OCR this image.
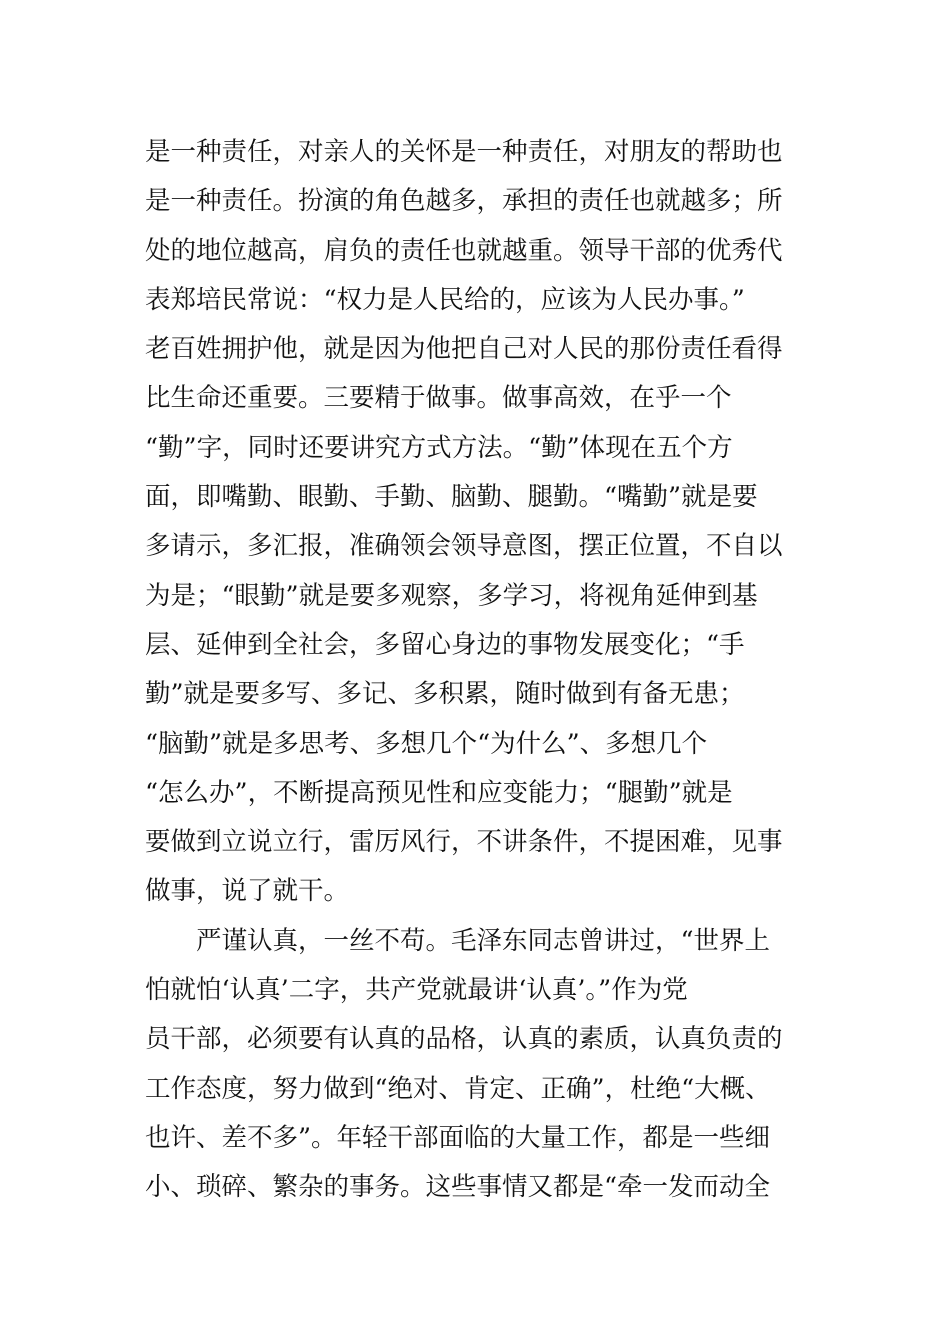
是一种责任，对亲人的关怀是一种责任，对朋友的帮助也
是一种责任。扮演的角色越多，承担的责任也就越多；所
处的地位越高，肩负的责任也就越重。领导干部的优秀代
表郑培民常说：“权力是人民给的，应该为人民办事。”
老百姓拥护他，就是因为他把自己对人民的那份责任看得
比生命还重要。三要精于做事。做事高效，在乎一个
“勤”字，同时还要讲究方式方法。“勤”体现在五个方
面，即嘴勤、眼勤、手勤、脑勤、腿勤。“嘴勤”就是要
多请示，多汇报，准确领会领导意图，摆正位置，不自以
为是；“眼勤”就是要多观察，多学习，将视角延伸到基
层、延伸到全社会，多留心身边的事物发展变化；“手
勤”就是要多写、多记、多积累，随时做到有备无患；
“脑勤”就是多思考、多想几个“为什么”、多想几个
“怎么办”，不断提高预见性和应变能力；“腿勤”就是
要做到立说立行，雷厉风行，不讲条件，不提困难，见事
做事，说了就干。
严谨认真，一丝不苟。毛泽东同志曾讲过，“世界上
怕就怕‘认真’二字，共产党就最讲‘认真’。”作为党
员干部，必须要有认真的品格，认真的素质，认真负责的
工作态度，努力做到“绝对、肯定、正确”，杜绝“大概、
也许、差不多”。年轻干部面临的大量工作，都是一些细
小、琐碎、繁杂的事务。这些事情又都是“牵一发而动全
